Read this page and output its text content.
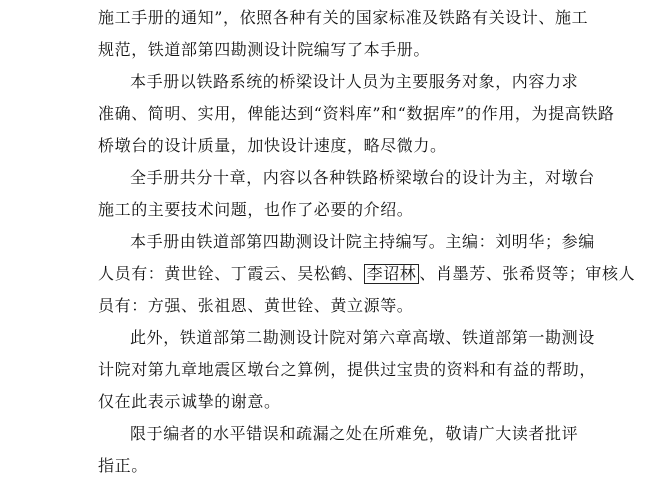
施工手册的通知”，依照各种有关的国家标准及铁路有关设计、施工
规范，铁道部第四勘测设计院编写了本手册。
本手册以铁路系统的桥梁设计人员为主要服务对象，内容力求
准确、简明、实用，俾能达到“资料库”和“数据库”的作用，为提高铁路
桥墩台的设计质量，加快设计速度，略尽微力。
全手册共分十章，内容以各种铁路桥梁墩台的设计为主，对墩台
施工的主要技术问题，也作了必要的介绍。
本手册由铁道部第四勘测设计院主持编写。主编：刘明华；参编
人员有：黄世铨、丁霞云、吴松鹤、 李诏林 、肖墨芳、张希贤等；审核人
员有：方强、张祖恩、黄世铨、黄立源等。
此外，铁道部第二勘测设计院对第六章高墩、铁道部第一勘测设
计院对第九章地震区墩台之算例，提供过宝贵的资料和有益的帮助，
仅在此表示诚挚的谢意。
限于编者的水平错误和疏漏之处在所难免，敬请广大读者批评
指正。
